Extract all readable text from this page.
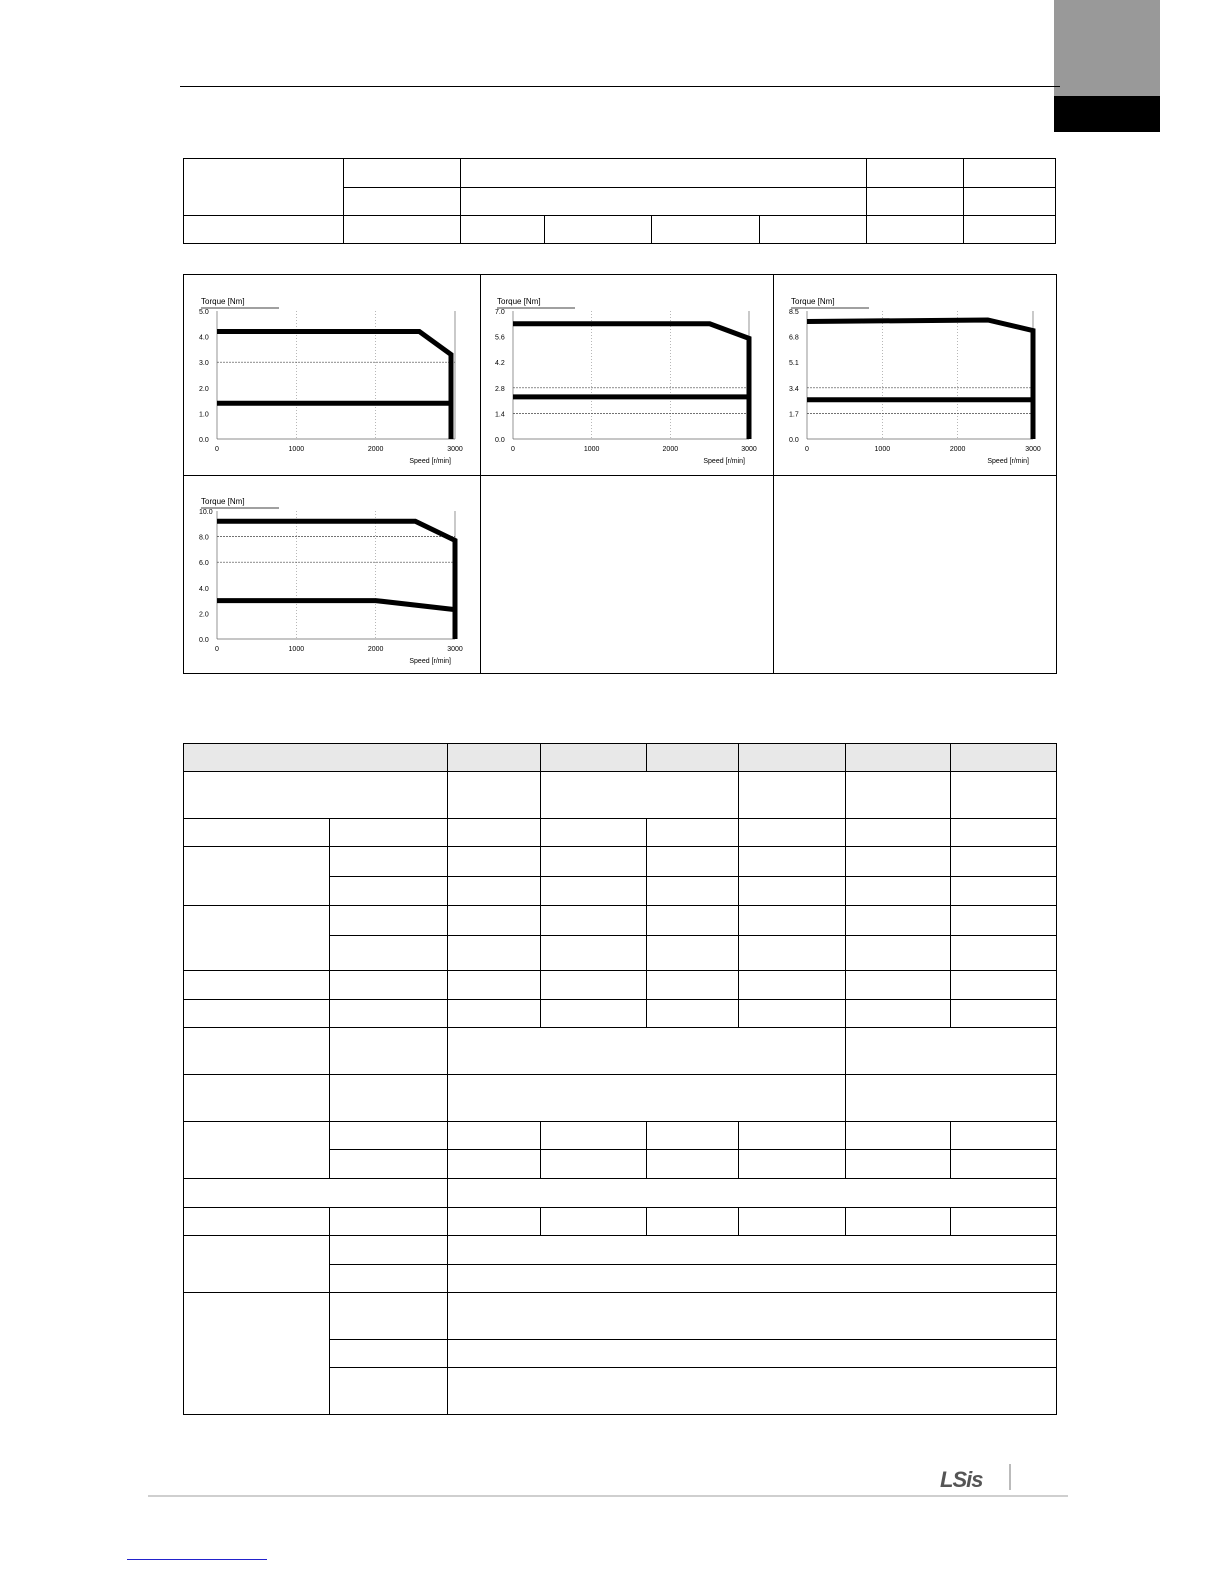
Torque [Nm]
0.0
1.0
2.0
3.0
4.0
5.0
0	1000	2000	3000
Speed [r/min]
Torque [Nm]
0.0
1.4
2.8
4.2
5.6
7.0
0	1000	2000	3000
Speed [r/min]
Torque [Nm]
0.0
1.7
3.4
5.1
6.8
8.5
0	1000	2000	3000
Speed [r/min]
Torque [Nm]
0.0
2.0
4.0
6.0
8.0
10.0
0	1000	2000	3000
Speed [r/min]

LSis
